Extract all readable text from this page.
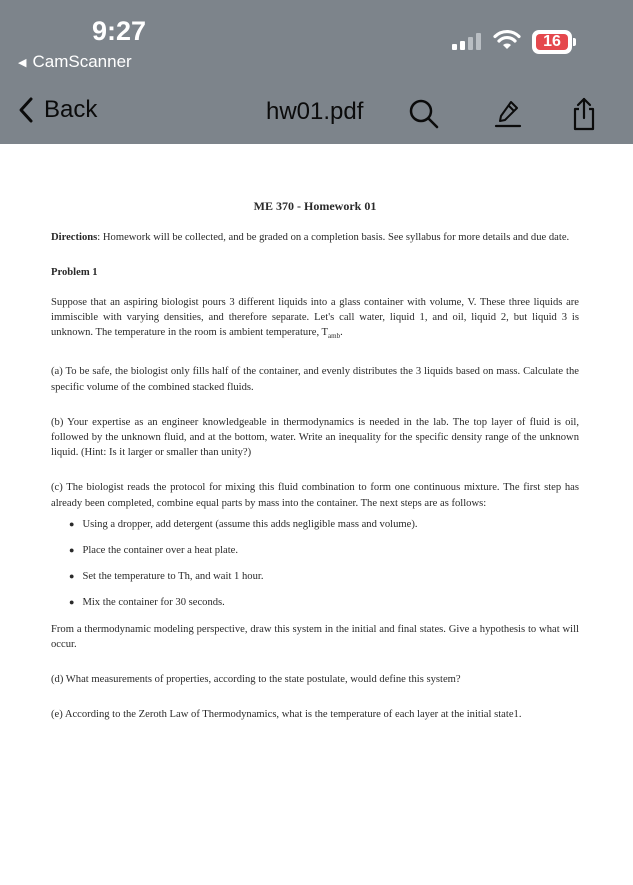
9:27
◀ CamScanner
16
Back	hw01.pdf
ME 370 - Homework 01

Directions: Homework will be collected, and be graded on a completion basis. See syllabus for more details and due date.

Problem 1

Suppose that an aspiring biologist pours 3 different liquids into a glass container with volume, V. These three liquids are immiscible with varying densities, and therefore separate. Let's call water, liquid 1, and oil, liquid 2, but liquid 3 is unknown. The temperature in the room is ambient temperature, $T_{amb}$.

(a) To be safe, the biologist only fills half of the container, and evenly distributes the 3 liquids based on mass. Calculate the specific volume of the combined stacked fluids.

(b) Your expertise as an engineer knowledgeable in thermodynamics is needed in the lab. The top layer of fluid is oil, followed by the unknown fluid, and at the bottom, water. Write an inequality for the specific density range of the unknown liquid. (Hint: Is it larger or smaller than unity?)

(c) The biologist reads the protocol for mixing this fluid combination to form one continuous mixture. The first step has already been completed, combine equal parts by mass into the container. The next steps are as follows:

● Using a dropper, add detergent (assume this adds negligible mass and volume).
● Place the container over a heat plate.
● Set the temperature to Th, and wait 1 hour.
● Mix the container for 30 seconds.

From a thermodynamic modeling perspective, draw this system in the initial and final states. Give a hypothesis to what will occur.

(d) What measurements of properties, according to the state postulate, would define this system?

(e) According to the Zeroth Law of Thermodynamics, what is the temperature of each layer at the initial state1.
